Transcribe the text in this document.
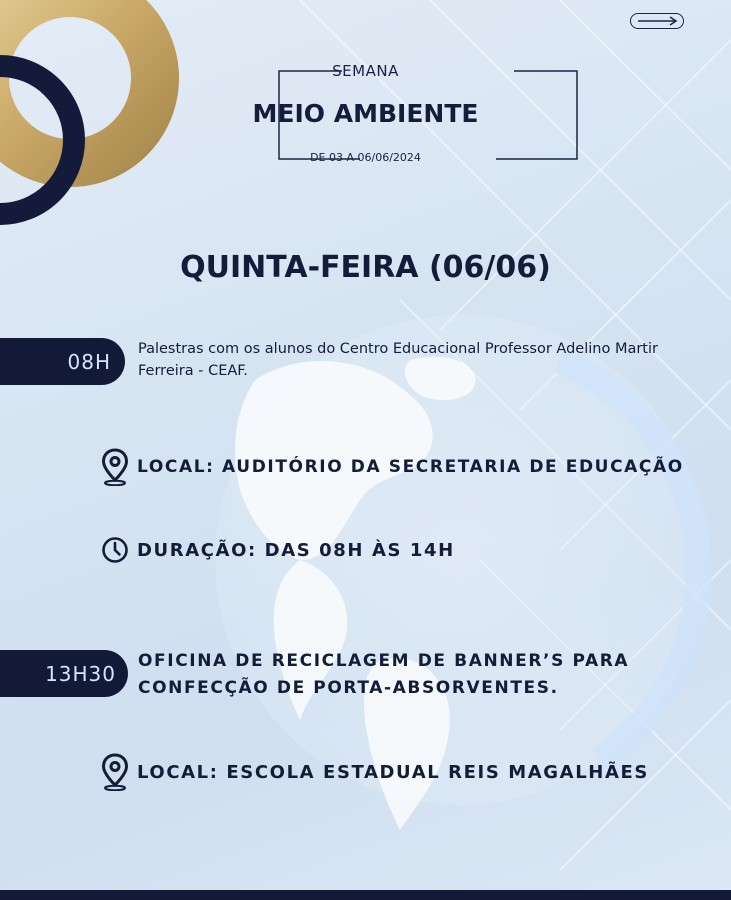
SEMANA

MEIO AMBIENTE

DE 03 A 06/06/2024

QUINTA-FEIRA (06/06)
08H
Palestras com os alunos do Centro Educacional Professor Adelino Martir Ferreira - CEAF.
LOCAL: AUDITÓRIO DA SECRETARIA DE EDUCAÇÃO
DURAÇÃO: DAS 08H ÀS 14H
13H30
OFICINA DE RECICLAGEM DE BANNER’S PARA CONFECÇÃO DE PORTA-ABSORVENTES.
LOCAL: ESCOLA ESTADUAL REIS MAGALHÃES
